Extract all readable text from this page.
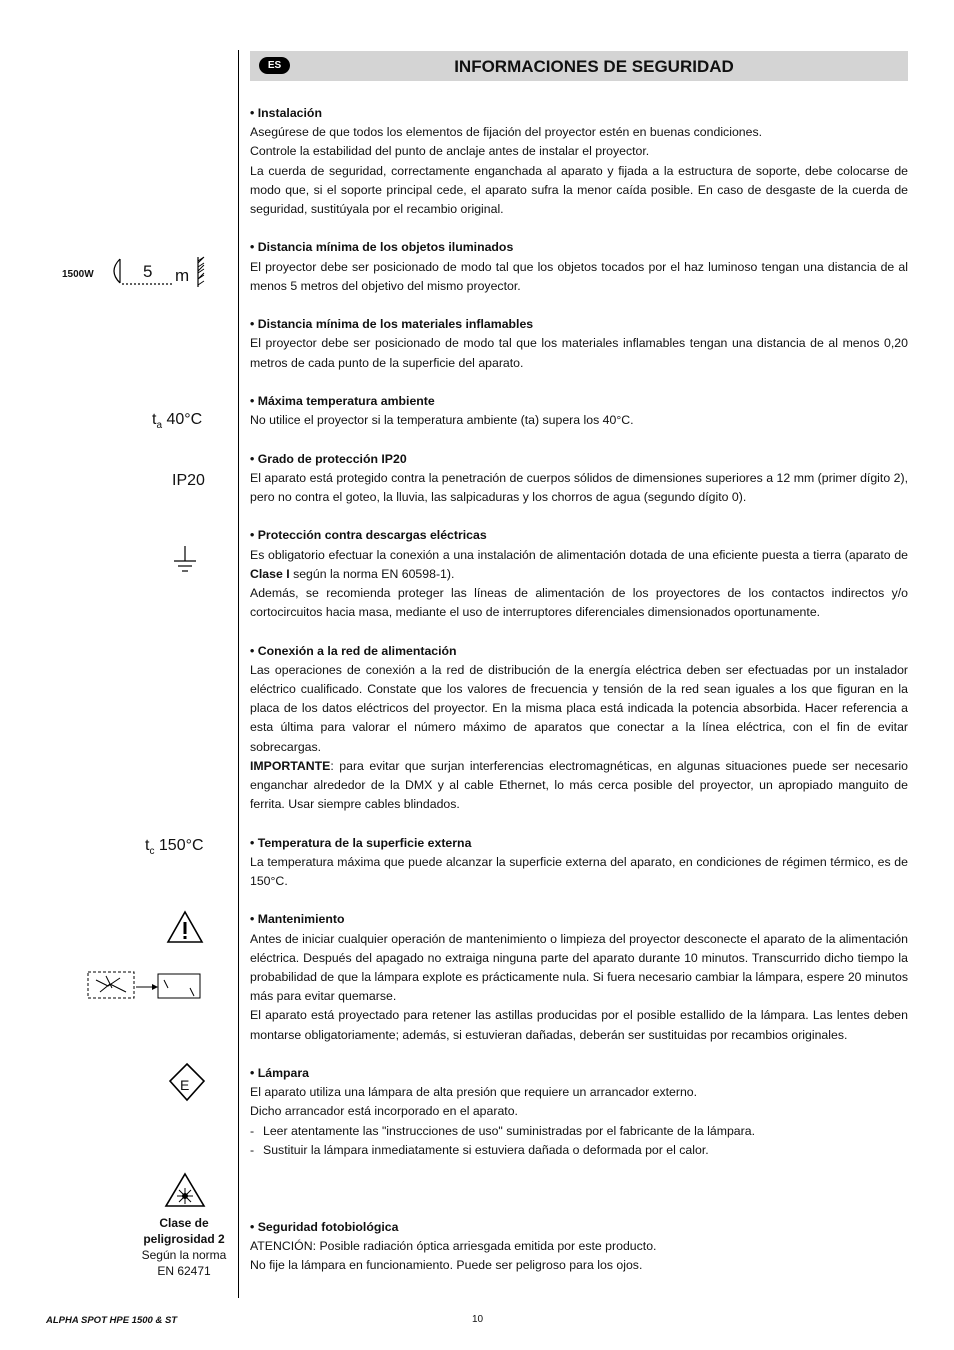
ES	INFORMACIONES DE SEGURIDAD
1500W	5 m
$t_a$ 40°C
IP20
$t_c$ 150°C
E
Clase de
peligrosidad 2
Según la norma
EN 62471
• Instalación

Asegúrese de que todos los elementos de fijación del proyector estén en buenas condiciones.

Controle la estabilidad del punto de anclaje antes de instalar el proyector.

La cuerda de seguridad, correctamente enganchada al aparato y fijada a la estructura de soporte, debe colocarse de modo que, si el soporte principal cede, el aparato sufra la menor caída posible. En caso de desgaste de la cuerda de seguridad, sustitúyala por el recambio original.

• Distancia mínima de los objetos iluminados

El proyector debe ser posicionado de modo tal que los objetos tocados por el haz luminoso tengan una distancia de al menos 5 metros del objetivo del mismo proyector.

• Distancia mínima de los materiales inflamables

El proyector debe ser posicionado de modo tal que los materiales inflamables tengan una distancia de al menos 0,20 metros de cada punto de la superficie del aparato.

• Máxima temperatura ambiente

No utilice el proyector si la temperatura ambiente (ta) supera los 40°C.

• Grado de protección IP20

El aparato está protegido contra la penetración de cuerpos sólidos de dimensiones superiores a 12 mm (primer dígito 2), pero no contra el goteo, la lluvia, las salpicaduras y los chorros de agua (segundo dígito 0).

• Protección contra descargas eléctricas

Es obligatorio efectuar la conexión a una instalación de alimentación dotada de una eficiente puesta a tierra (aparato de Clase I según la norma EN 60598-1).

Además, se recomienda proteger las líneas de alimentación de los proyectores de los contactos indirectos y/o cortocircuitos hacia masa, mediante el uso de interruptores diferenciales dimensionados oportunamente.

• Conexión a la red de alimentación

Las operaciones de conexión a la red de distribución de la energía eléctrica deben ser efectuadas por un instalador eléctrico cualificado. Constate que los valores de frecuencia y tensión de la red sean iguales a los que figuran en la placa de los datos eléctricos del proyector. En la misma placa está indicada la potencia absorbida. Hacer referencia a esta última para valorar el número máximo de aparatos que conectar a la línea eléctrica, con el fin de evitar sobrecargas.

IMPORTANTE: para evitar que surjan interferencias electromagnéticas, en algunas situaciones puede ser necesario enganchar alrededor de la DMX y al cable Ethernet, lo más cerca posible del proyector, un apropiado manguito de ferrita. Usar siempre cables blindados.

• Temperatura de la superficie externa

La temperatura máxima que puede alcanzar la superficie externa del aparato, en condiciones de régimen térmico, es de 150°C.

• Mantenimiento

Antes de iniciar cualquier operación de mantenimiento o limpieza del proyector desconecte el aparato de la alimentación eléctrica. Después del apagado no extraiga ninguna parte del aparato durante 10 minutos. Transcurrido dicho tiempo la probabilidad de que la lámpara explote es prácticamente nula. Si fuera necesario cambiar la lámpara, espere 20 minutos más para evitar quemarse.

El aparato está proyectado para retener las astillas producidas por el posible estallido de la lámpara. Las lentes deben montarse obligatoriamente; además, si estuvieran dañadas, deberán ser sustituidas por recambios originales.

• Lámpara

El aparato utiliza una lámpara de alta presión que requiere un arrancador externo.

Dicho arrancador está incorporado en el aparato.

- Leer atentamente las "instrucciones de uso" suministradas por el fabricante de la lámpara.

- Sustituir la lámpara inmediatamente si estuviera dañada o deformada por el calor.

• Seguridad fotobiológica

ATENCIÓN: Posible radiación óptica arriesgada emitida por este producto.

No fije la lámpara en funcionamiento. Puede ser peligroso para los ojos.

ALPHA SPOT HPE 1500 & ST	10
